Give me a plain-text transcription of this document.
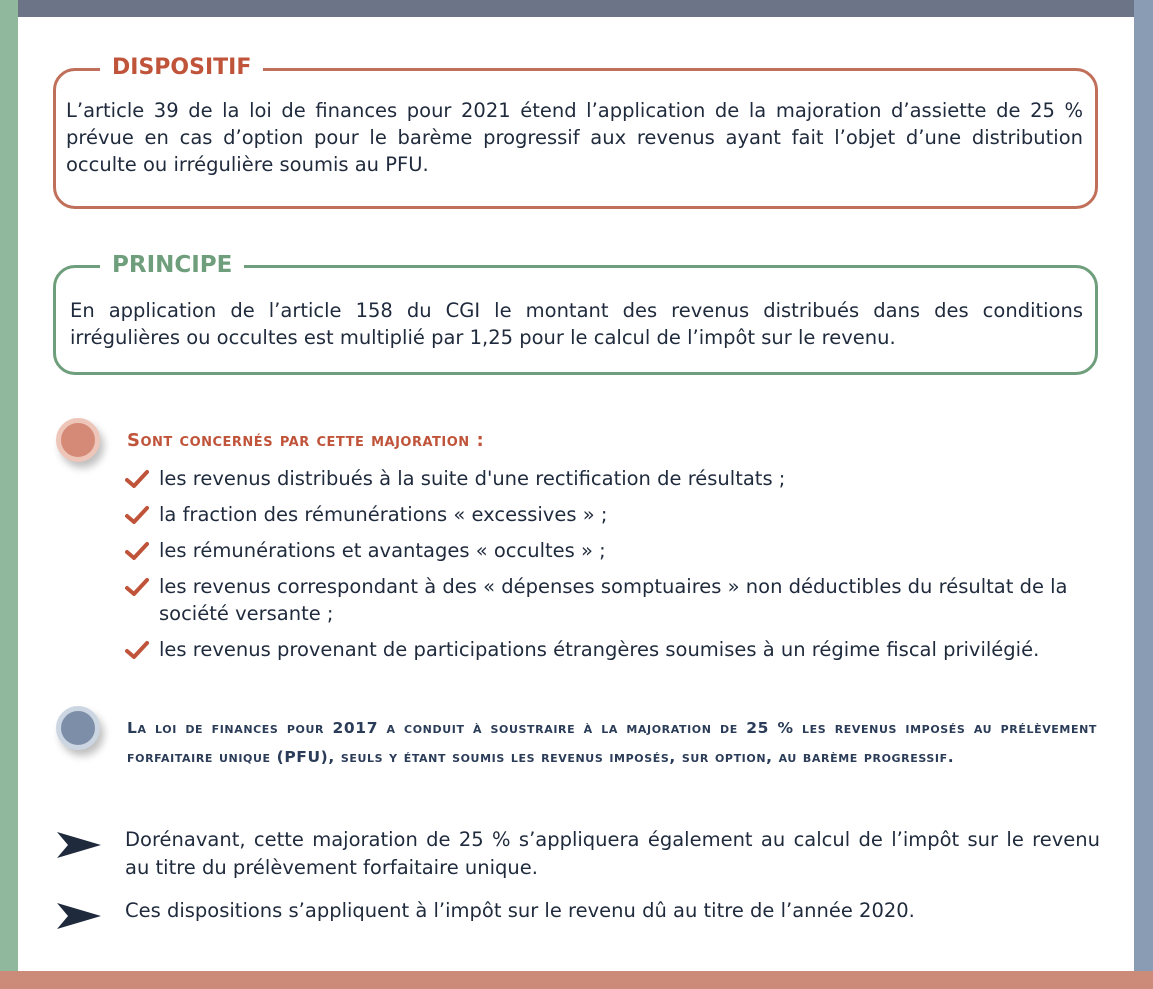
DISPOSITIF

L’article 39 de la loi de finances pour 2021 étend l’application de la majoration d’assiette de 25 % prévue en cas d’option pour le barème progressif aux revenus ayant fait l’objet d’une distribution occulte ou irrégulière soumis au PFU.

PRINCIPE

En application de l’article 158 du CGI le montant des revenus distribués dans des conditions irrégulières ou occultes est multiplié par 1,25 pour le calcul de l’impôt sur le revenu.

Sont concernés par cette majoration :
les revenus distribués à la suite d'une rectification de résultats ;
la fraction des rémunérations « excessives » ;
les rémunérations et avantages « occultes » ;
les revenus correspondant à des « dépenses somptuaires » non déductibles du résultat de la société versante ;
les revenus provenant de participations étrangères soumises à un régime fiscal privilégié.
La loi de finances pour 2017 a conduit à soustraire à la majoration de 25 % les revenus imposés au prélèvement forfaitaire unique (PFU), seuls y étant soumis les revenus imposés, sur option, au barème progressif.

Dorénavant, cette majoration de 25 % s’appliquera également au calcul de l’impôt sur le revenu au titre du prélèvement forfaitaire unique.

Ces dispositions s’appliquent à l’impôt sur le revenu dû au titre de l’année 2020.
